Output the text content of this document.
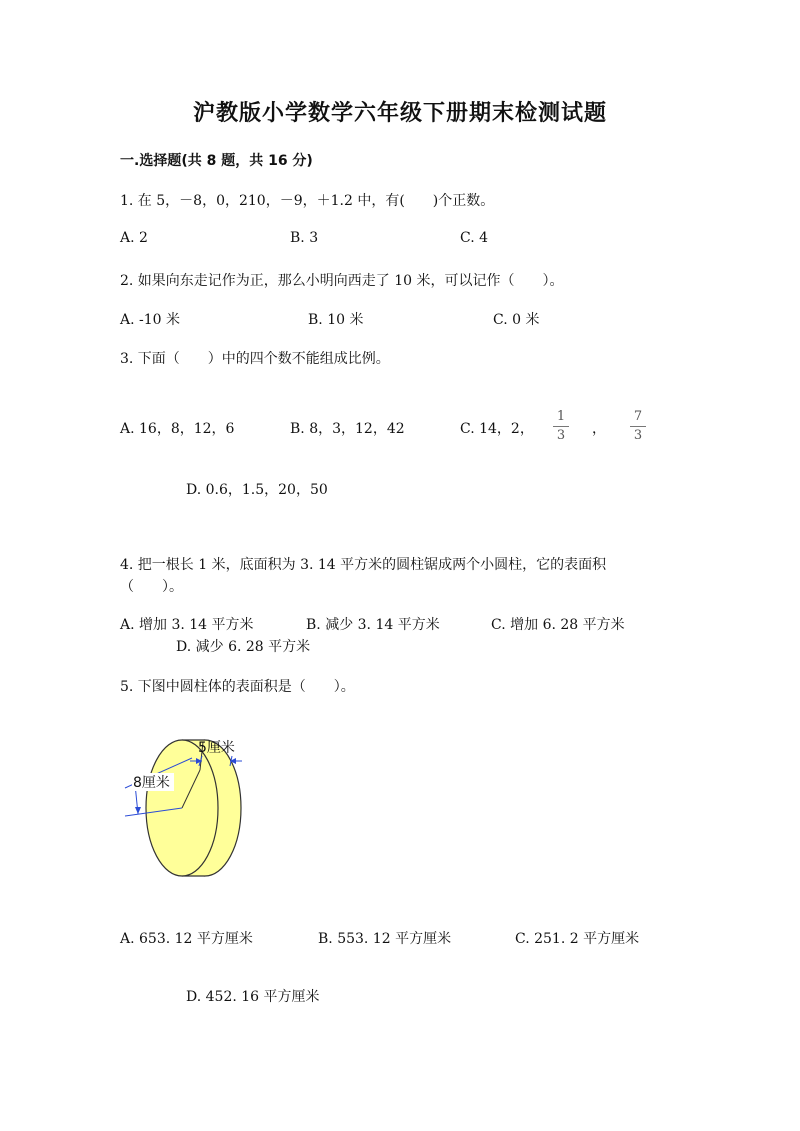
沪教版小学数学六年级下册期末检测试题
一.选择题(共 8 题，共 16 分)
1. 在 5，－8，0，210，－9，＋1.2 中，有(　　)个正数。
A. 2	B. 3	C. 4
2. 如果向东走记作为正，那么小明向西走了 10 米，可以记作（　　）。
A. -10 米	B. 10 米	C. 0 米
3. 下面（　　）中的四个数不能组成比例。
A. 16，8，12，6	B. 8，3，12，42	C. 14，2，
1
3 ，
7
3
D. 0.6，1.5，20，50
4. 把一根长 1 米，底面积为 3. 14 平方米的圆柱锯成两个小圆柱，它的表面积
（　　）。
A. 增加 3. 14 平方米	B. 减少 3. 14 平方米	C. 增加 6. 28 平方米
D. 减少 6. 28 平方米
5. 下图中圆柱体的表面积是（　　）。
8厘米
5厘米
A. 653. 12 平方厘米	B. 553. 12 平方厘米	C. 251. 2 平方厘米
D. 452. 16 平方厘米
